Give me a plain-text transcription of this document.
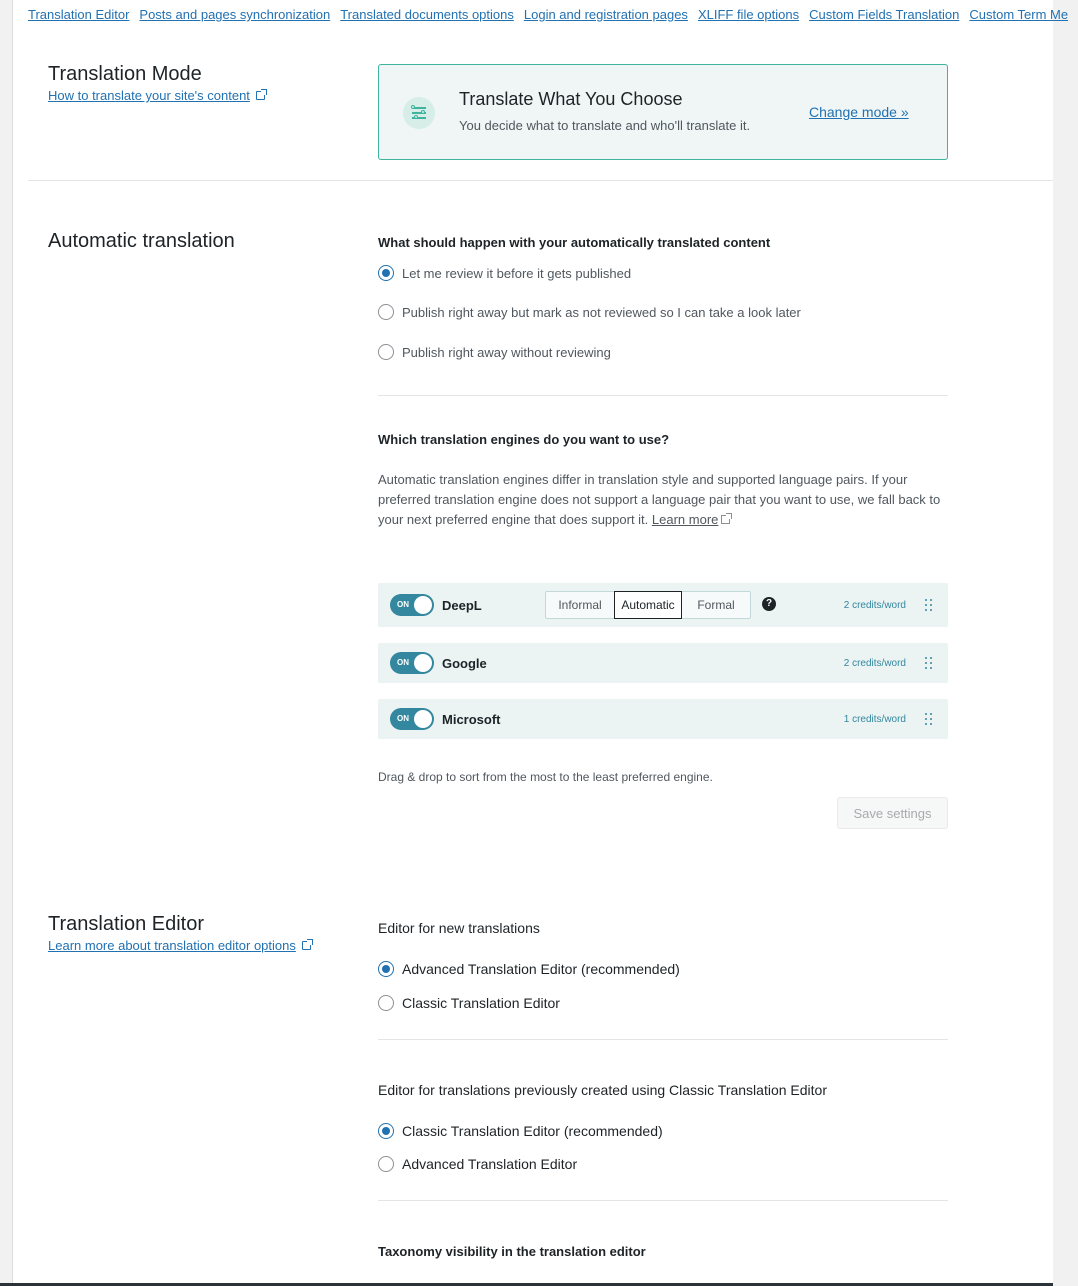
Translation Editor Posts and pages synchronization Translated documents options Login and registration pages XLIFF file options Custom Fields Translation Custom Term Me
Translation Mode
How to translate your site's content	Translate What You Choose
You decide what to translate and who'll translate it.
Change mode »
Automatic translation	What should happen with your automatically translated content
Let me review it before it gets published
Publish right away but mark as not reviewed so I can take a look later
Publish right away without reviewing
Which translation engines do you want to use?
Automatic translation engines differ in translation style and supported language pairs. If your preferred translation engine does not support a language pair that you want to use, we fall back to your next preferred engine that does support it. Learn more
ON	DeepL	Informal	Automatic	Formal	?	2 credits/word
ON	Google	2 credits/word
ON	Microsoft	1 credits/word
Drag & drop to sort from the most to the least preferred engine.
Save settings
Translation Editor
Learn more about translation editor options
Editor for new translations
Advanced Translation Editor (recommended)
Classic Translation Editor
Editor for translations previously created using Classic Translation Editor
Classic Translation Editor (recommended)
Advanced Translation Editor
Taxonomy visibility in the translation editor
